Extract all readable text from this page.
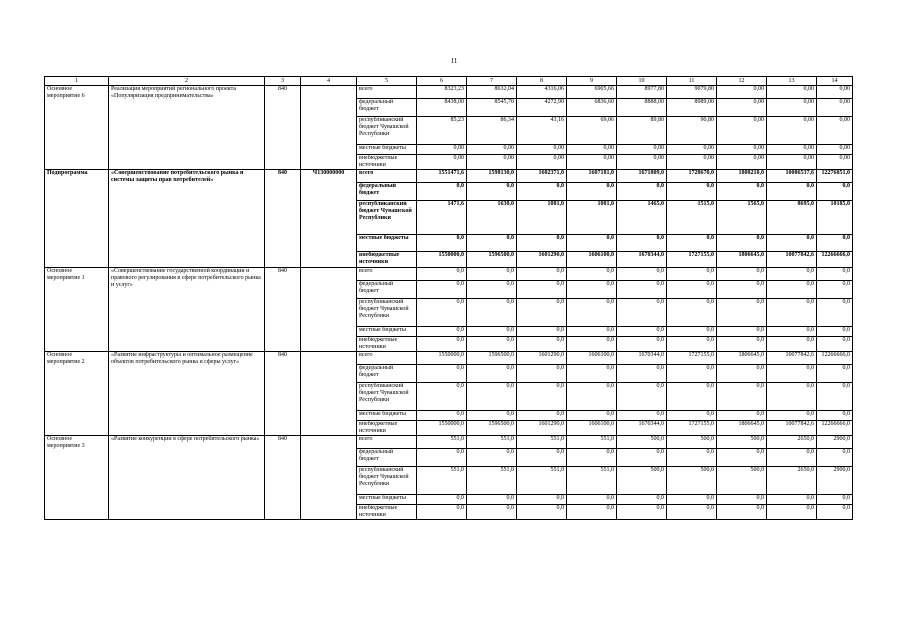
11
1	2	3	4	5	6	7	8	9	10	11	12	13	14
Основное мероприятие 6	Реализация мероприятий регионального проекта «Популяризация предпринимательства»	840		всего	8323,23	8632,04	4316,06	6905,66	8977,80	9079,80	0,00	0,00	0,00
				федеральный бюджет	8438,00	8545,70	4272,90	6836,60	8888,00	8989,00	0,00	0,00	0,00
				республиканский бюджет Чувашской Республики	85,23	86,34	43,16	69,06	89,80	90,80	0,00	0,00	0,00
				местные бюджеты	0,00	0,00	0,00	0,00	0,00	0,00	0,00	0,00	0,00
				внебюджетные источники	0,00	0,00	0,00	0,00	0,00	0,00	0,00	0,00	0,00
Подпрограмма	«Совершенствование потребительского рынка и системы защиты прав потребителей»	840	Ч130000000	всего	1551471,6	1598130,0	1602371,0	1607181,0	1671809,0	1728670,0	1808210,0	10086537,6	12276851,0
				федеральный бюджет	0,0	0,0	0,0	0,0	0,0	0,0	0,0	0,0	0,0
				республиканский бюджет Чувашской Республики	1471,6	1630,0	1081,0	1081,0	1465,0	1515,0	1565,0	8695,0	10185,0
				местные бюджеты	0,0	0,0	0,0	0,0	0,0	0,0	0,0	0,0	0,0
				внебюджетные источники	1550000,0	1596500,0	1601290,0	1606100,0	1670344,0	1727155,0	1806645,0	10077842,6	12266666,0
Основное мероприятие 1	«Совершенствование государственной координации и правового регулирования в сфере потребительского рынка и услуг»	840		всего	0,0	0,0	0,0	0,0	0,0	0,0	0,0	0,0	0,0
				федеральный бюджет	0,0	0,0	0,0	0,0	0,0	0,0	0,0	0,0	0,0
				республиканский бюджет Чувашской Республики	0,0	0,0	0,0	0,0	0,0	0,0	0,0	0,0	0,0
				местные бюджеты	0,0	0,0	0,0	0,0	0,0	0,0	0,0	0,0	0,0
				внебюджетные источники	0,0	0,0	0,0	0,0	0,0	0,0	0,0	0,0	0,0
Основное мероприятие 2	«Развитие инфраструктуры и оптимальное размещение объектов потребительского рынка и сферы услуг»	840		всего	1550000,0	1596500,0	1601290,0	1606100,0	1670344,0	1727155,0	1806645,0	10077842,6	12266666,0
				федеральный бюджет	0,0	0,0	0,0	0,0	0,0	0,0	0,0	0,0	0,0
				республиканский бюджет Чувашской Республики	0,0	0,0	0,0	0,0	0,0	0,0	0,0	0,0	0,0
				местные бюджеты	0,0	0,0	0,0	0,0	0,0	0,0	0,0	0,0	0,0
				внебюджетные источники	1550000,0	1596500,0	1601290,0	1606100,0	1670344,0	1727155,0	1806645,0	10077842,6	12266666,0
Основное мероприятие 3	«Развитие конкуренции в сфере потребительского рынка»	840		всего	551,0	551,0	551,0	551,0	500,0	500,0	500,0	2650,0	2900,0
				федеральный бюджет	0,0	0,0	0,0	0,0	0,0	0,0	0,0	0,0	0,0
				республиканский бюджет Чувашской Республики	551,0	551,0	551,0	551,0	500,0	500,0	500,0	2650,0	2900,0
				местные бюджеты	0,0	0,0	0,0	0,0	0,0	0,0	0,0	0,0	0,0
				внебюджетные источники	0,0	0,0	0,0	0,0	0,0	0,0	0,0	0,0	0,0
